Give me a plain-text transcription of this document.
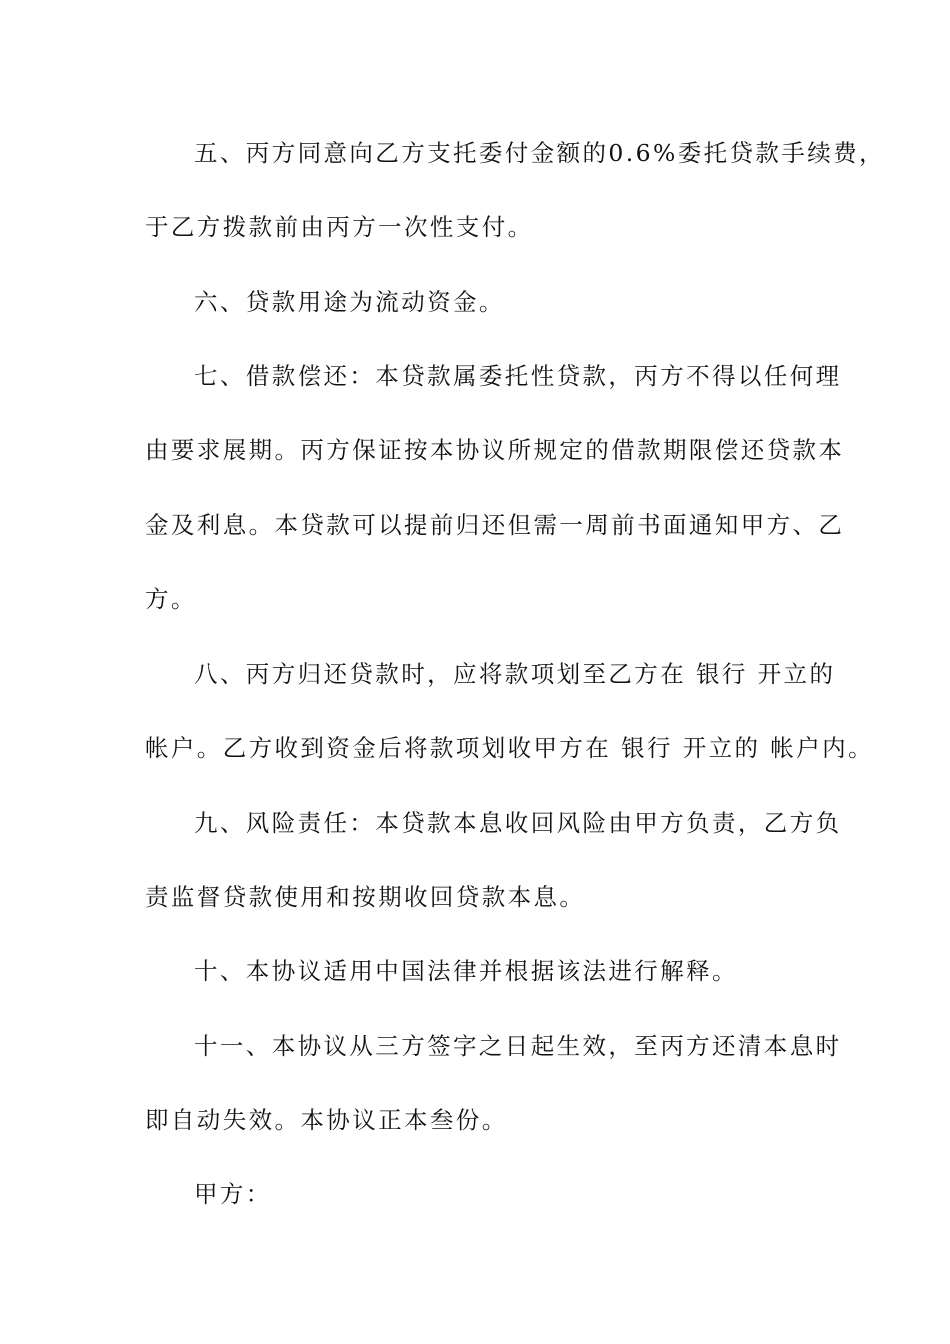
五、丙方同意向乙方支托委付金额的0.6%委托贷款手续费，
于乙方拨款前由丙方一次性支付。
六、贷款用途为流动资金。
七、借款偿还：本贷款属委托性贷款，丙方不得以任何理
由要求展期。丙方保证按本协议所规定的借款期限偿还贷款本
金及利息。本贷款可以提前归还但需一周前书面通知甲方、乙
方。
八、丙方归还贷款时，应将款项划至乙方在 银行 开立的
帐户。乙方收到资金后将款项划收甲方在 银行 开立的 帐户内。
九、风险责任：本贷款本息收回风险由甲方负责，乙方负
责监督贷款使用和按期收回贷款本息。
十、本协议适用中国法律并根据该法进行解释。
十一、本协议从三方签字之日起生效，至丙方还清本息时
即自动失效。本协议正本叁份。
甲方：
